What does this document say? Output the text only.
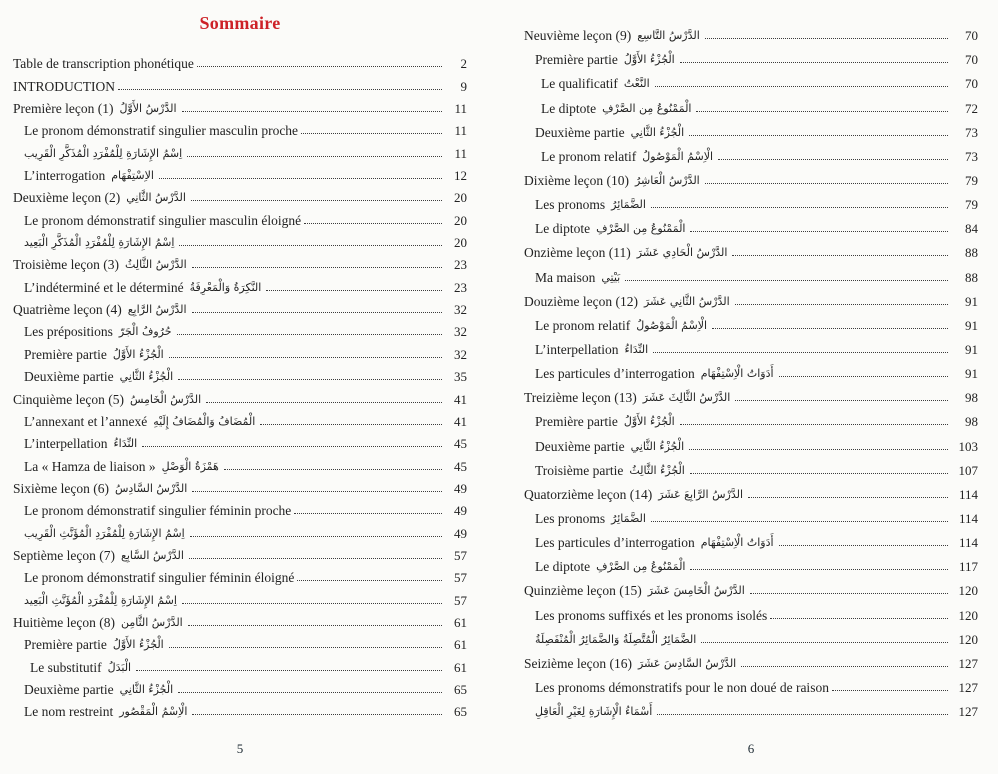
Sommaire
Table de transcription phonétique	2
INTRODUCTION	9
Première leçon (1) الدَّرْسُ الأَوَّلُ	11
Le pronom démonstratif singulier masculin proche	11
اِسْمُ الإِشَارَةِ لِلْمُفْرَدِ الْمُذَكَّرِ الْقَرِيب	11
L’interrogation الاِسْتِفْهَام	12
Deuxième leçon (2) الدَّرْسُ الثَّانِي	20
Le pronom démonstratif singulier masculin éloigné	20
اِسْمُ الإِشَارَةِ لِلْمُفْرَدِ الْمُذَكَّرِ الْبَعِيد	20
Troisième leçon (3) الدَّرْسُ الثَّالِثُ	23
L’indéterminé et le déterminé النَّكِرَةُ وَالْمَعْرِفَةُ	23
Quatrième leçon (4) الدَّرْسُ الرَّابِع	32
Les prépositions حُرُوفُ الْجَرّ	32
Première partie الْجُزْءُ الأَوَّلُ	32
Deuxième partie الْجُزْءُ الثَّانِي	35
Cinquième leçon (5) الدَّرْسُ الْخَامِسُ	41
L’annexant et l’annexé الْمُضَافُ وَالْمُضَافُ إِلَيْهِ	41
L’interpellation النِّدَاءُ	45
La « Hamza de liaison » هَمْزَةُ الْوَصْلِ	45
Sixième leçon (6) الدَّرْسُ السَّادِسُ	49
Le pronom démonstratif singulier féminin proche	49
اِسْمُ الإِشَارَةِ لِلْمُفْرَدِ الْمُؤَنَّثِ الْقَرِيب	49
Septième leçon (7) الدَّرْسُ السَّابِع	57
Le pronom démonstratif singulier féminin éloigné	57
اِسْمُ الإِشَارَةِ لِلْمُفْرَدِ الْمُؤَنَّثِ الْبَعِيد	57
Huitième leçon (8) الدَّرْسُ الثَّامِن	61
Première partie الْجُزْءُ الأَوَّلُ	61
Le substitutif الْبَدَلُ	61
Deuxième partie الْجُزْءُ الثَّانِي	65
Le nom restreint الْاِسْمُ الْمَقْصُور	65
5
Neuvième leçon (9) الدَّرْسُ التَّاسِع	70
Première partie الْجُزْءُ الأَوَّلُ	70
Le qualificatif النَّعْتُ	70
Le diptote الْمَمْنُوعُ مِن الصَّرْفِ	72
Deuxième partie الْجُزْءُ الثَّانِي	73
Le pronom relatif الْاِسْمُ الْمَوْصُولُ	73
Dixième leçon (10) الدَّرْسُ الْعَاشِرُ	79
Les pronoms الضَّمَائِرُ	79
Le diptote الْمَمْنُوعُ مِن الصَّرْفِ	84
Onzième leçon (11) الدَّرْسُ الْحَادِي عَشَرَ	88
Ma maison بَيْتِي	88
Douzième leçon (12) الدَّرْسُ الثَّانِي عَشَرَ	91
Le pronom relatif الْاِسْمُ الْمَوْصُولُ	91
L’interpellation النِّدَاءُ	91
Les particules d’interrogation أَدَوَاتُ الْاِسْتِفْهَام	91
Treizième leçon (13) الدَّرْسُ الثَّالِثَ عَشَرَ	98
Première partie الْجُزْءُ الأَوَّلُ	98
Deuxième partie الْجُزْءُ الثَّانِي	103
Troisième partie الْجُزْءُ الثَّالِثُ	107
Quatorzième leçon (14) الدَّرْسُ الرَّابِعَ عَشَرَ	114
Les pronoms الضَّمَائِرُ	114
Les particules d’interrogation أَدَوَاتُ الْاِسْتِفْهَام	114
Le diptote الْمَمْنُوعُ مِن الصَّرْفِ	117
Quinzième leçon (15) الدَّرْسُ الْخَامِسَ عَشَرَ	120
Les pronoms suffixés et les pronoms isolés	120
الضَّمَائِرُ الْمُتَّصِلَةُ وَالضَّمَائِرُ الْمُنْفَصِلَةُ	120
Seizième leçon (16) الدَّرْسُ السَّادِسَ عَشَرَ	127
Les pronoms démonstratifs pour le non doué de raison	127
أَسْمَاءُ الْإِشَارَةِ لِغَيْرِ الْعَاقِلِ	127
6
